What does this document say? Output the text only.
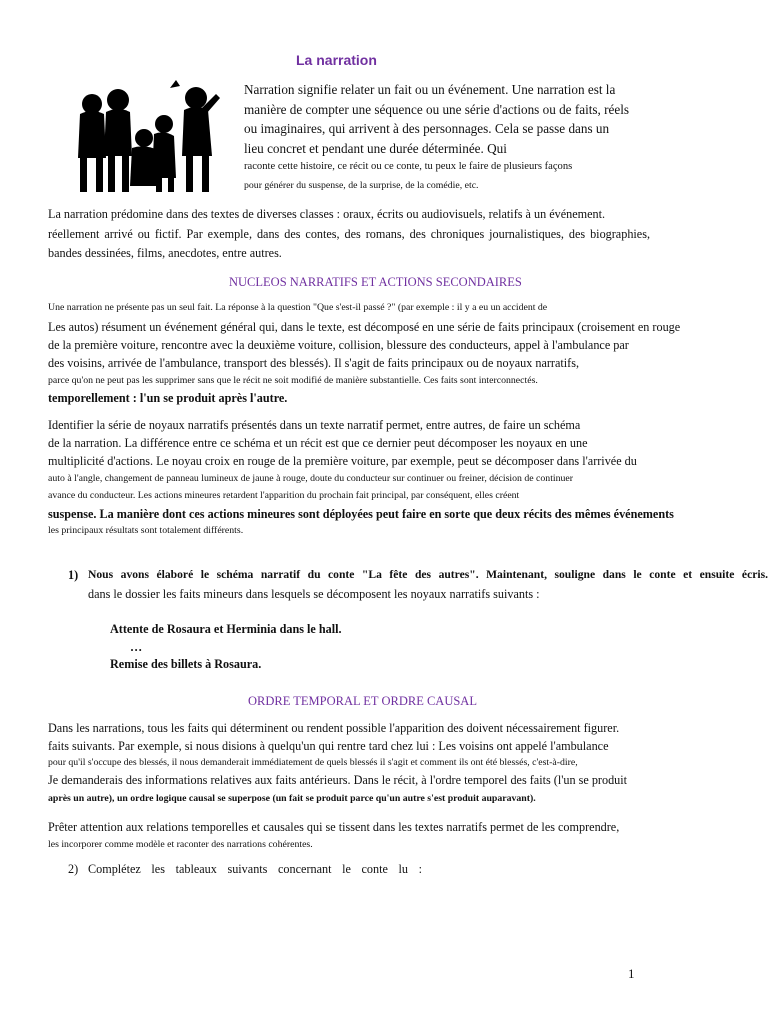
La narration
Narration signifie relater un fait ou un événement. Une narration est la
manière de compter une séquence ou une série d'actions ou de faits, réels
ou imaginaires, qui arrivent à des personnages. Cela se passe dans un
lieu concret et pendant une durée déterminée. Qui
raconte cette histoire, ce récit ou ce conte, tu peux le faire de plusieurs façons
pour générer du suspense, de la surprise, de la comédie, etc.
La narration prédomine dans des textes de diverses classes : oraux, écrits ou audiovisuels, relatifs à un événement.
réellement arrivé ou fictif. Par exemple, dans des contes, des romans, des chroniques journalistiques, des biographies,
bandes dessinées, films, anecdotes, entre autres.
NUCLEOS NARRATIFS ET ACTIONS SECONDAIRES
Une narration ne présente pas un seul fait. La réponse à la question "Que s'est-il passé ?" (par exemple : il y a eu un accident de
Les autos) résument un événement général qui, dans le texte, est décomposé en une série de faits principaux (croisement en rouge
de la première voiture, rencontre avec la deuxième voiture, collision, blessure des conducteurs, appel à l'ambulance par
des voisins, arrivée de l'ambulance, transport des blessés). Il s'agit de faits principaux ou de noyaux narratifs,
parce qu'on ne peut pas les supprimer sans que le récit ne soit modifié de manière substantielle. Ces faits sont interconnectés.
temporellement : l'un se produit après l'autre.
Identifier la série de noyaux narratifs présentés dans un texte narratif permet, entre autres, de faire un schéma
de la narration. La différence entre ce schéma et un récit est que ce dernier peut décomposer les noyaux en une
multiplicité d'actions. Le noyau croix en rouge de la première voiture, par exemple, peut se décomposer dans l'arrivée du
auto à l'angle, changement de panneau lumineux de jaune à rouge, doute du conducteur sur continuer ou freiner, décision de continuer
avance du conducteur. Les actions mineures retardent l'apparition du prochain fait principal, par conséquent, elles créent
suspense. La manière dont ces actions mineures sont déployées peut faire en sorte que deux récits des mêmes événements
les principaux résultats sont totalement différents.
1) Nous avons élaboré le schéma narratif du conte "La fête des autres". Maintenant, souligne dans le conte et ensuite écris.
dans le dossier les faits mineurs dans lesquels se décomposent les noyaux narratifs suivants :
Attente de Rosaura et Herminia dans le hall.
…
Remise des billets à Rosaura.
ORDRE TEMPORAL ET ORDRE CAUSAL
Dans les narrations, tous les faits qui déterminent ou rendent possible l'apparition des doivent nécessairement figurer.
faits suivants. Par exemple, si nous disions à quelqu'un qui rentre tard chez lui : Les voisins ont appelé l'ambulance
pour qu'il s'occupe des blessés, il nous demanderait immédiatement de quels blessés il s'agit et comment ils ont été blessés, c'est-à-dire,
Je demanderais des informations relatives aux faits antérieurs. Dans le récit, à l'ordre temporel des faits (l'un se produit
après un autre), un ordre logique causal se superpose (un fait se produit parce qu'un autre s'est produit auparavant).
Prêter attention aux relations temporelles et causales qui se tissent dans les textes narratifs permet de les comprendre,
les incorporer comme modèle et raconter des narrations cohérentes.
2) Complétez les tableaux suivants concernant le conte lu :
1
